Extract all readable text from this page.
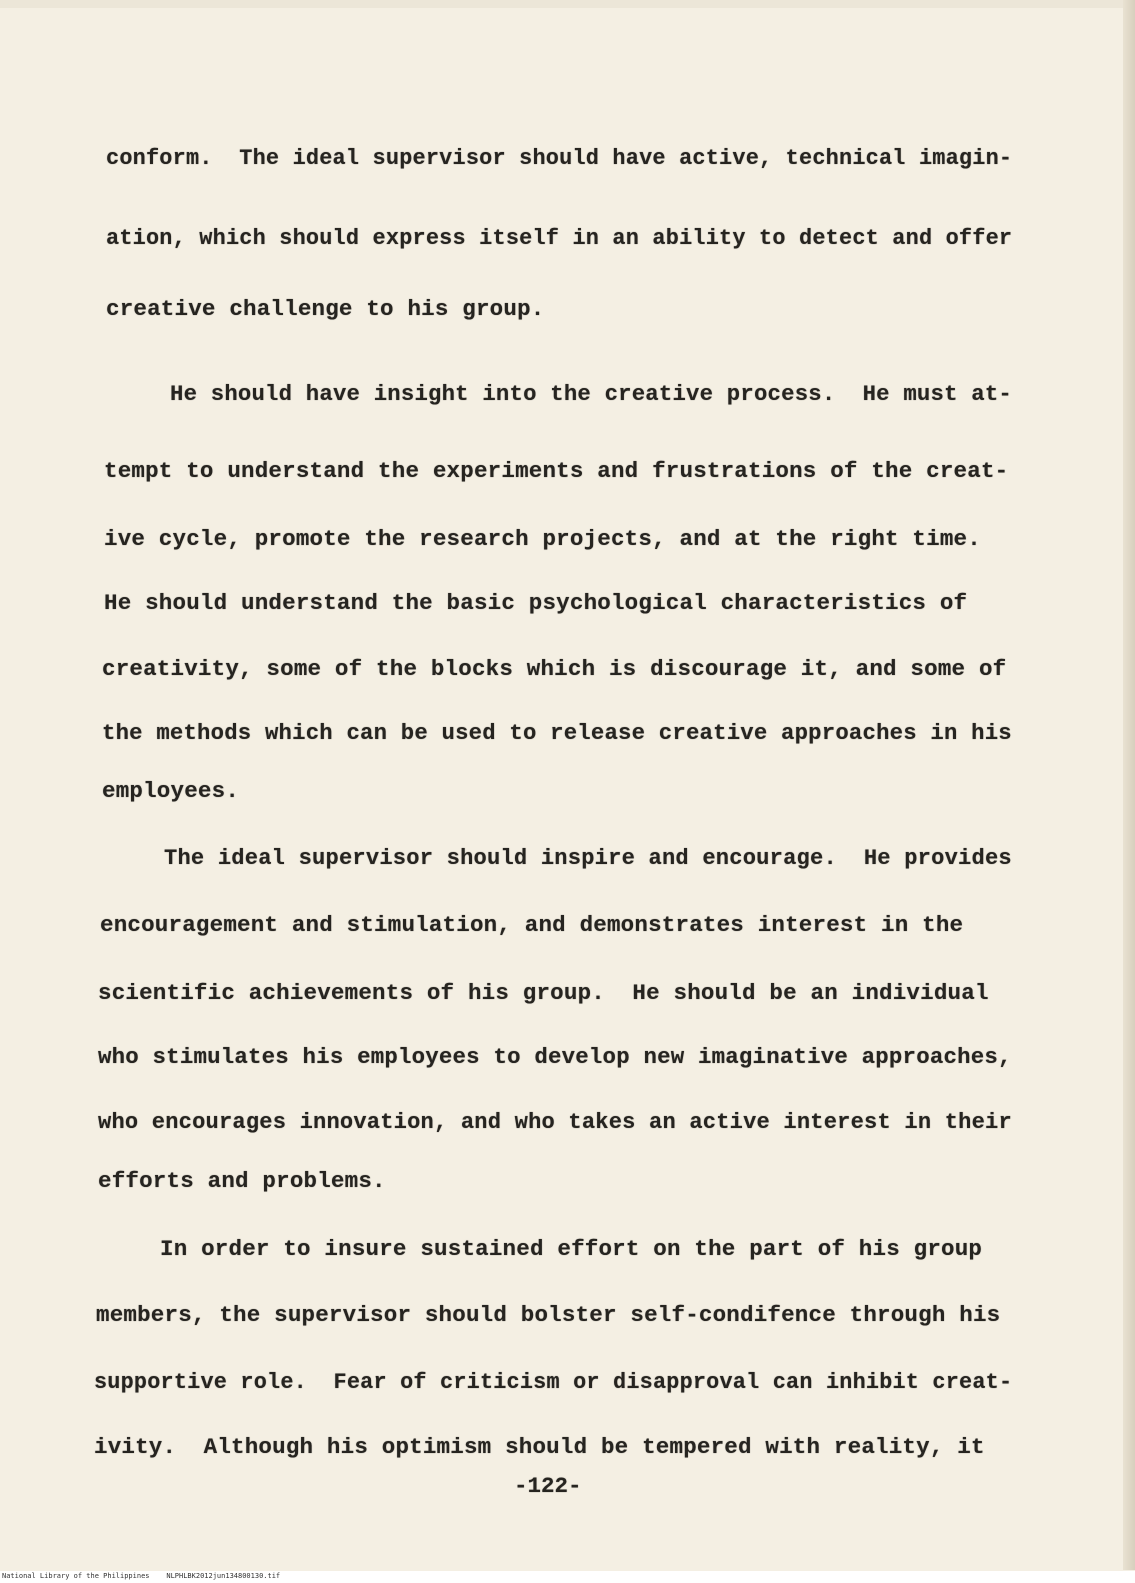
conform.  The ideal supervisor should have active, technical imagin-
ation, which should express itself in an ability to detect and offer
creative challenge to his group.
He should have insight into the creative process.  He must at-
tempt to understand the experiments and frustrations of the creat-
ive cycle, promote the research projects, and at the right time.
He should understand the basic psychological characteristics of
creativity, some of the blocks which is discourage it, and some of
the methods which can be used to release creative approaches in his
employees.
The ideal supervisor should inspire and encourage.  He provides
encouragement and stimulation, and demonstrates interest in the
scientific achievements of his group.  He should be an individual
who stimulates his employees to develop new imaginative approaches,
who encourages innovation, and who takes an active interest in their
efforts and problems.
In order to insure sustained effort on the part of his group
members, the supervisor should bolster self-condifence through his
supportive role.  Fear of criticism or disapproval can inhibit creat-
ivity.  Although his optimism should be tempered with reality, it
-122-
National Library of the Philippines    NLPHLBK2012jun134800130.tif
